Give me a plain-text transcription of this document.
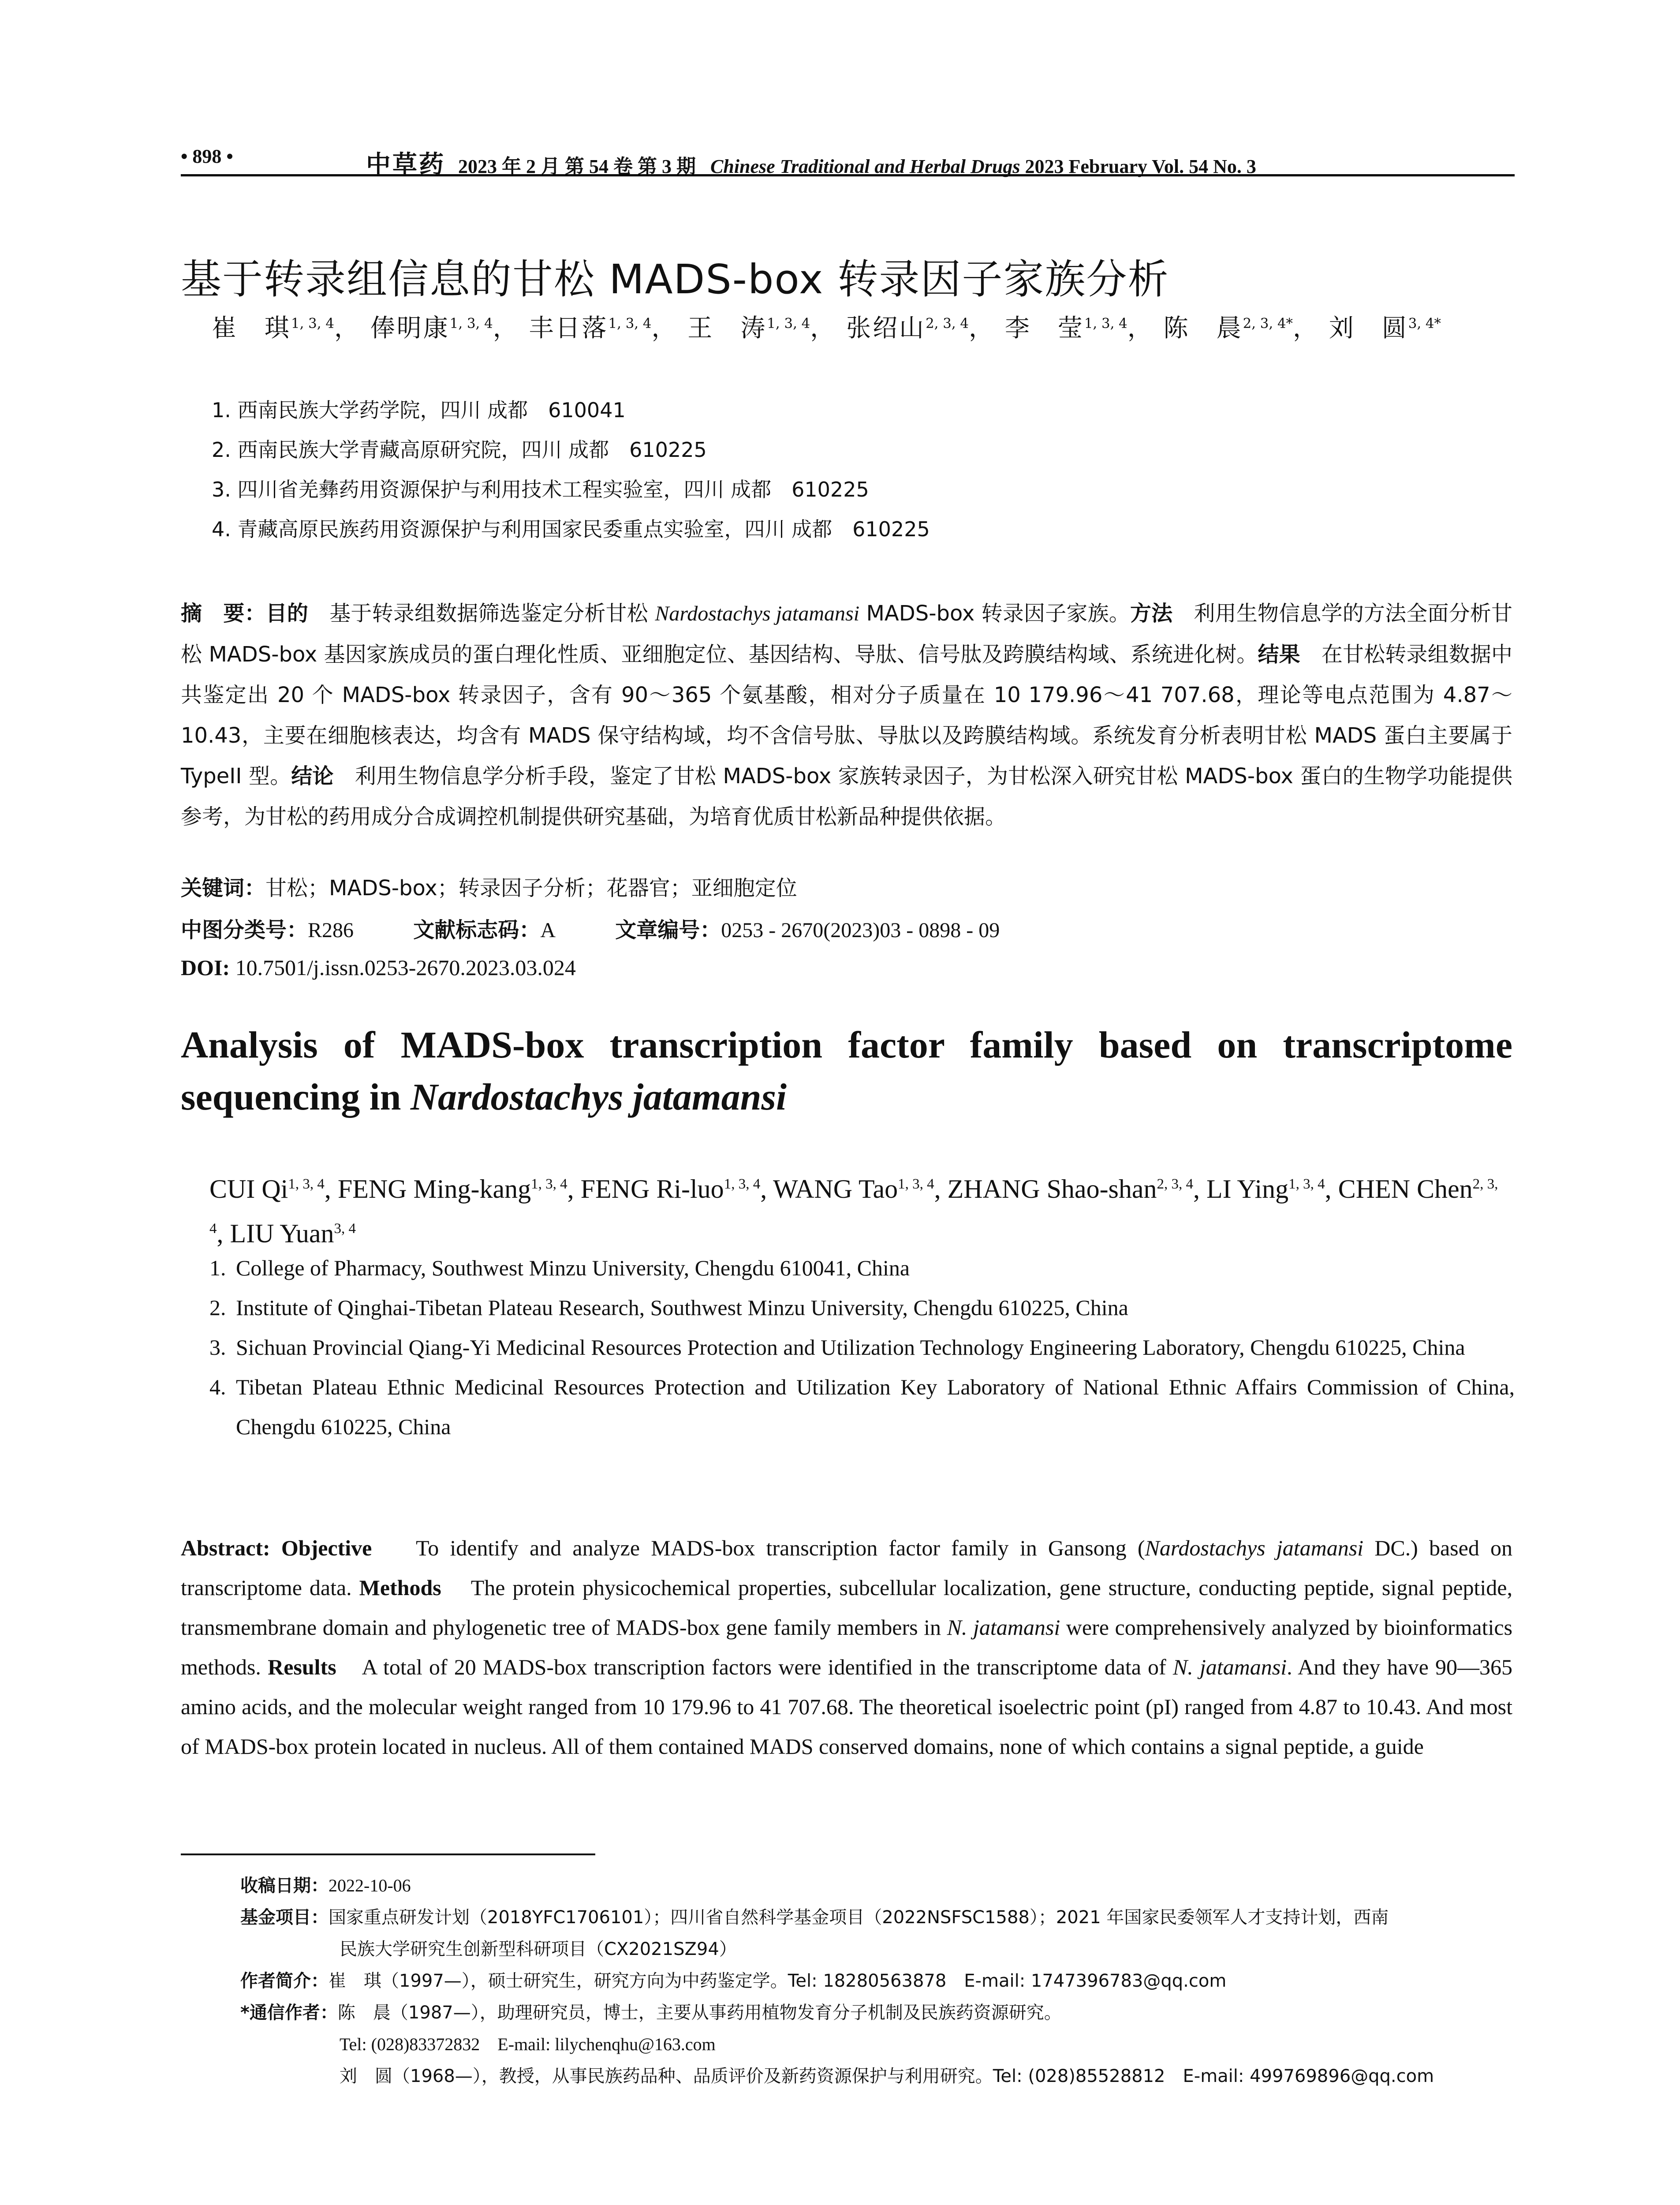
• 898 •	中草药 2023 年 2 月 第 54 卷 第 3 期 Chinese Traditional and Herbal Drugs 2023 February Vol. 54 No. 3
基于转录组信息的甘松 MADS-box 转录因子家族分析
崔　琪$^{1, 3, 4}$， 俸明康$^{1, 3, 4}$， 丰日落$^{1, 3, 4}$， 王　涛$^{1, 3, 4}$， 张绍山$^{2, 3, 4}$， 李　莹$^{1, 3, 4}$， 陈　晨$^{2, 3, 4*}$， 刘　圆$^{3, 4*}$
1. 西南民族大学药学院，四川 成都　610041
2. 西南民族大学青藏高原研究院，四川 成都　610225
3. 四川省羌彝药用资源保护与利用技术工程实验室，四川 成都　610225
4. 青藏高原民族药用资源保护与利用国家民委重点实验室，四川 成都　610225
摘　要：目的　 基于转录组数据筛选鉴定分析甘松 Nardostachys jatamansi MADS-box 转录因子家族。方法　 利用生物信息学的方法全面分析甘松 MADS-box 基因家族成员的蛋白理化性质、亚细胞定位、基因结构、导肽、信号肽及跨膜结构域、系统进化树。结果　 在甘松转录组数据中共鉴定出 20 个 MADS-box 转录因子，含有 90～365 个氨基酸，相对分子质量在 10 179.96～41 707.68，理论等电点范围为 4.87～10.43，主要在细胞核表达，均含有 MADS 保守结构域，均不含信号肽、导肽以及跨膜结构域。系统发育分析表明甘松 MADS 蛋白主要属于 TypeII 型。结论　 利用生物信息学分析手段，鉴定了甘松 MADS-box 家族转录因子，为甘松深入研究甘松 MADS-box 蛋白的生物学功能提供参考，为甘松的药用成分合成调控机制提供研究基础，为培育优质甘松新品种提供依据。
关键词：甘松；MADS-box；转录因子分析；花器官；亚细胞定位
中图分类号：R286	文献标志码：A	文章编号：0253 - 2670(2023)03 - 0898 - 09
DOI: 10.7501/j.issn.0253-2670.2023.03.024
Analysis of MADS-box transcription factor family based on transcriptome sequencing in Nardostachys jatamansi
CUI Qi$^{1, 3, 4}$, FENG Ming-kang$^{1, 3, 4}$, FENG Ri-luo$^{1, 3, 4}$, WANG Tao$^{1, 3, 4}$, ZHANG Shao-shan$^{2, 3, 4}$, LI Ying$^{1, 3, 4}$, CHEN Chen$^{2, 3, 4}$, LIU Yuan$^{3, 4}$
1. College of Pharmacy, Southwest Minzu University, Chengdu 610041, China
2. Institute of Qinghai-Tibetan Plateau Research, Southwest Minzu University, Chengdu 610225, China
3. Sichuan Provincial Qiang-Yi Medicinal Resources Protection and Utilization Technology Engineering Laboratory, Chengdu 610225, China
4. Tibetan Plateau Ethnic Medicinal Resources Protection and Utilization Key Laboratory of National Ethnic Affairs Commission of China, Chengdu 610225, China
Abstract: Objective To identify and analyze MADS-box transcription factor family in Gansong (Nardostachys jatamansi DC.) based on transcriptome data. Methods The protein physicochemical properties, subcellular localization, gene structure, conducting peptide, signal peptide, transmembrane domain and phylogenetic tree of MADS-box gene family members in N. jatamansi were comprehensively analyzed by bioinformatics methods. Results A total of 20 MADS-box transcription factors were identified in the transcriptome data of N. jatamansi. And they have 90—365 amino acids, and the molecular weight ranged from 10 179.96 to 41 707.68. The theoretical isoelectric point (pI) ranged from 4.87 to 10.43. And most of MADS-box protein located in nucleus. All of them contained MADS conserved domains, none of which contains a signal peptide, a guide
收稿日期： 2022-10-06
基金项目： 国家重点研发计划（2018YFC1706101）；四川省自然科学基金项目（2022NSFSC1588）；2021 年国家民委领军人才支持计划，西南
民族大学研究生创新型科研项目（CX2021SZ94）
作者简介： 崔　琪（1997—），硕士研究生，研究方向为中药鉴定学。Tel: 18280563878　E-mail: 1747396783@qq.com
*通信作者： 陈　晨（1987—），助理研究员，博士，主要从事药用植物发育分子机制及民族药资源研究。
Tel: (028)83372832　E-mail: lilychenqhu@163.com
刘　圆（1968—），教授，从事民族药品种、品质评价及新药资源保护与利用研究。Tel: (028)85528812　E-mail: 499769896@qq.com
